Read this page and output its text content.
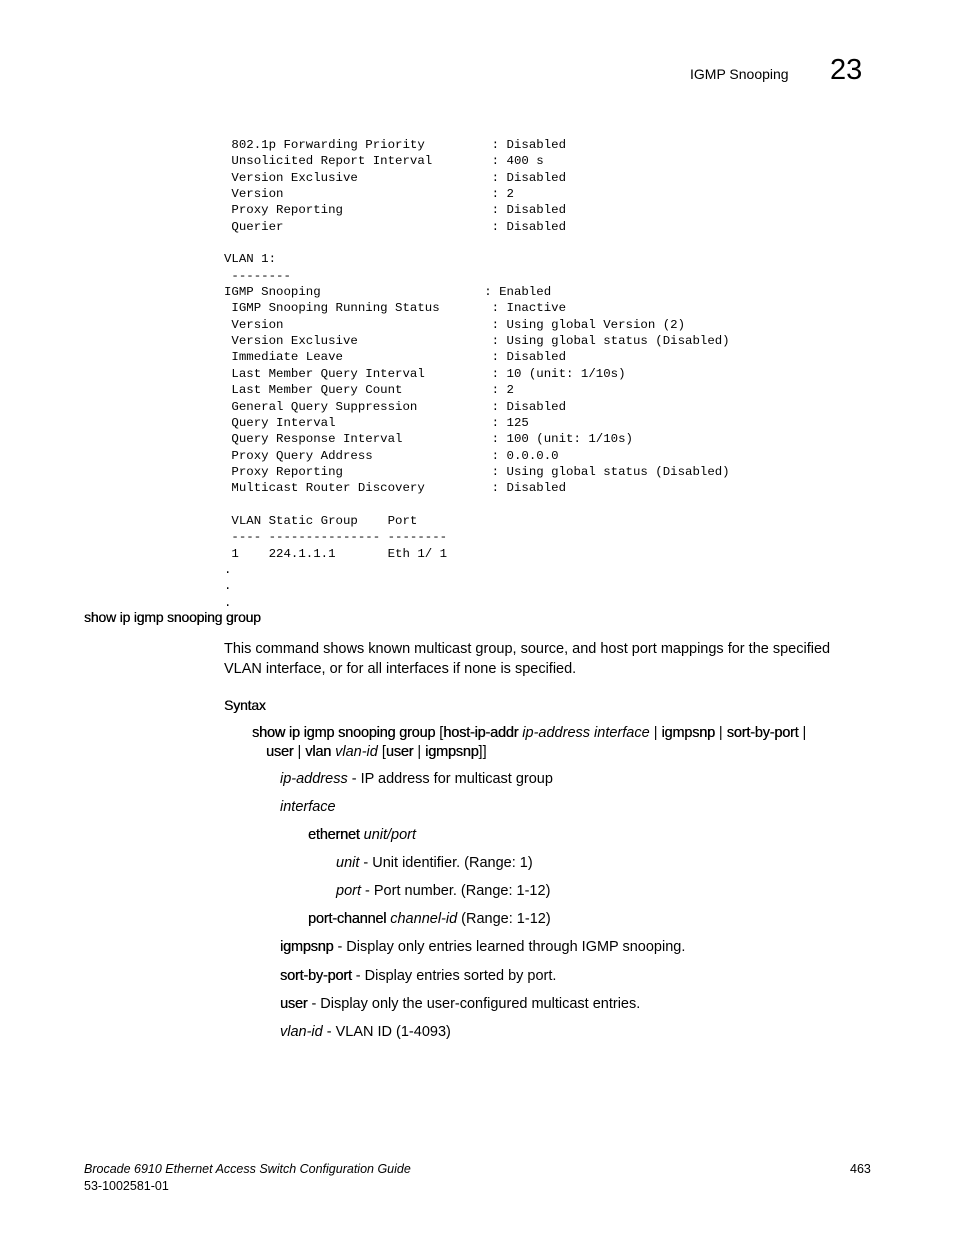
IGMP Snooping 23
802.1p Forwarding Priority         : Disabled
Unsolicited Report Interval        : 400 s
Version Exclusive                  : Disabled
Version                            : 2
Proxy Reporting                    : Disabled
Querier                            : Disabled
VLAN 1:
--------
IGMP Snooping                      : Enabled
IGMP Snooping Running Status       : Inactive
Version                            : Using global Version (2)
Version Exclusive                  : Using global status (Disabled)
Immediate Leave                    : Disabled
Last Member Query Interval         : 10 (unit: 1/10s)
Last Member Query Count            : 2
General Query Suppression          : Disabled
Query Interval                     : 125
Query Response Interval            : 100 (unit: 1/10s)
Proxy Query Address                : 0.0.0.0
Proxy Reporting                    : Using global status (Disabled)
Multicast Router Discovery         : Disabled
VLAN Static Group    Port
---- --------------- --------
1    224.1.1.1       Eth 1/ 1
.
.
.
show ip igmp snooping group
This command shows known multicast group, source, and host port mappings for the specified
VLAN interface, or for all interfaces if none is specified.
Syntax
show ip igmp snooping group [host-ip-addr ip-address interface | igmpsnp | sort-by-port |
user | vlan vlan-id [user | igmpsnp]]
ip-address - IP address for multicast group
interface
ethernet unit/port
unit - Unit identifier. (Range: 1)
port - Port number. (Range: 1-12)
port-channel channel-id (Range: 1-12)
igmpsnp - Display only entries learned through IGMP snooping.
sort-by-port - Display entries sorted by port.
user - Display only the user-configured multicast entries.
vlan-id - VLAN ID (1-4093)
Brocade 6910 Ethernet Access Switch Configuration Guide
53-1002581-01
463
